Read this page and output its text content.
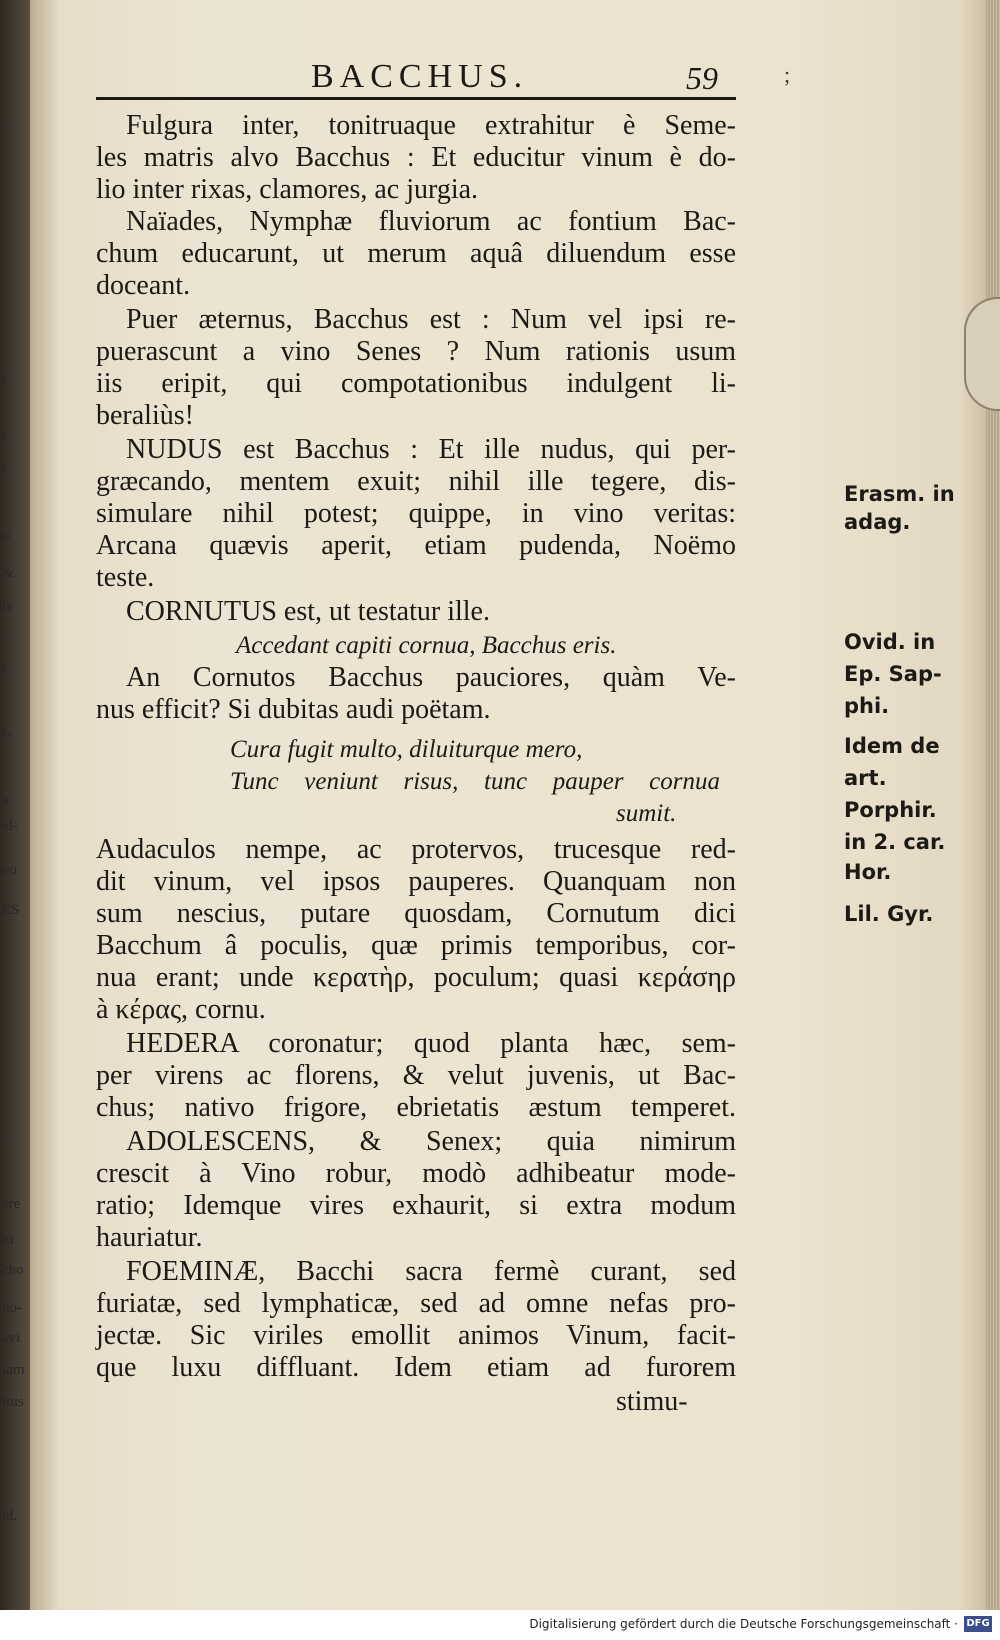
c
t
i
o
&
is
i
i-
a
el-
ou
ES
ere
tu
cho
ho-
avi
iam
itus
ul.
BACCHUS.	59	;
Fulgura inter, tonitruaque extrahitur è Seme-
les matris alvo Bacchus : Et educitur vinum è do-
lio inter rixas, clamores, ac jurgia.
Naïades, Nymphæ fluviorum ac fontium Bac-
chum educarunt, ut merum aquâ diluendum esse
doceant.
Puer æternus, Bacchus est : Num vel ipsi re-
puerascunt a vino Senes ? Num rationis usum
iis eripit, qui compotationibus indulgent li-
beraliùs!
NUDUS est Bacchus : Et ille nudus, qui per-
græcando, mentem exuit; nihil ille tegere, dis-
simulare nihil potest; quippe, in vino veritas:
Arcana quævis aperit, etiam pudenda, Noëmo
teste.
CORNUTUS est, ut testatur ille.
Accedant capiti cornua, Bacchus eris.
An Cornutos Bacchus pauciores, quàm Ve-
nus efficit? Si dubitas audi poëtam.
Cura fugit multo, diluiturque mero,
Tunc veniunt risus, tunc pauper cornua
sumit.
Audaculos nempe, ac protervos, trucesque red-
dit vinum, vel ipsos pauperes. Quanquam non
sum nescius, putare quosdam, Cornutum dici
Bacchum â poculis, quæ primis temporibus, cor-
nua erant; unde κερατὴρ, poculum; quasi κεράσηρ
à κέρας, cornu.
HEDERA coronatur; quod planta hæc, sem-
per virens ac florens, & velut juvenis, ut Bac-
chus; nativo frigore, ebrietatis æstum temperet.
ADOLESCENS, & Senex; quia nimirum
crescit à Vino robur, modò adhibeatur mode-
ratio; Idemque vires exhaurit, si extra modum
hauriatur.
FOEMINÆ, Bacchi sacra fermè curant, sed
furiatæ, sed lymphaticæ, sed ad omne nefas pro-
jectæ. Sic viriles emollit animos Vinum, facit-
que luxu diffluant. Idem etiam ad furorem
stimu-
Erasm. in
adag.
Ovid. in
Ep. Sap-
phi.
Idem de
art.
Porphir.
in 2. car.
Hor.
Lil. Gyr.
Digitalisierung gefördert durch die Deutsche Forschungsgemeinschaft · DFG
